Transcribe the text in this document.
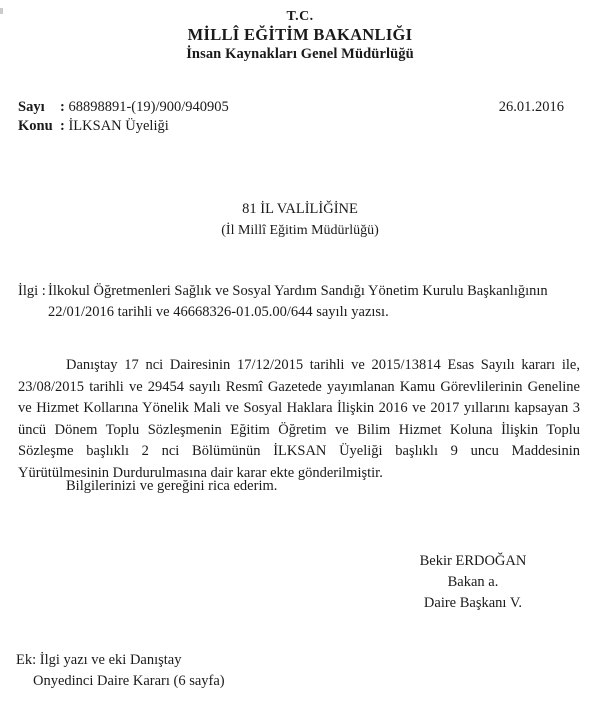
T.C.
MİLLÎ EĞİTİM BAKANLIĞI
İnsan Kaynakları Genel Müdürlüğü
Sayı : 68898891-(19)/900/940905	26.01.2016
Konu : İLKSAN Üyeliği
81 İL VALİLİĞİNE
(İl Millî Eğitim Müdürlüğü)
İlgi : İlkokul Öğretmenleri Sağlık ve Sosyal Yardım Sandığı Yönetim Kurulu Başkanlığının
22/01/2016 tarihli ve 46668326-01.05.00/644 sayılı yazısı.

Danıştay 17 nci Dairesinin 17/12/2015 tarihli ve 2015/13814 Esas Sayılı kararı ile, 23/08/2015 tarihli ve 29454 sayılı Resmî Gazetede yayımlanan Kamu Görevlilerinin Geneline ve Hizmet Kollarına Yönelik Mali ve Sosyal Haklara İlişkin 2016 ve 2017 yıllarını kapsayan 3 üncü Dönem Toplu Sözleşmenin Eğitim Öğretim ve Bilim Hizmet Koluna İlişkin Toplu Sözleşme başlıklı 2 nci Bölümünün İLKSAN Üyeliği başlıklı 9 uncu Maddesinin Yürütülmesinin Durdurulmasına dair karar ekte gönderilmiştir.

Bilgilerinizi ve gereğini rica ederim.
Bekir ERDOĞAN
Bakan a.
Daire Başkanı V.
Ek: İlgi yazı ve eki Danıştay
Onyedinci Daire Kararı (6 sayfa)
